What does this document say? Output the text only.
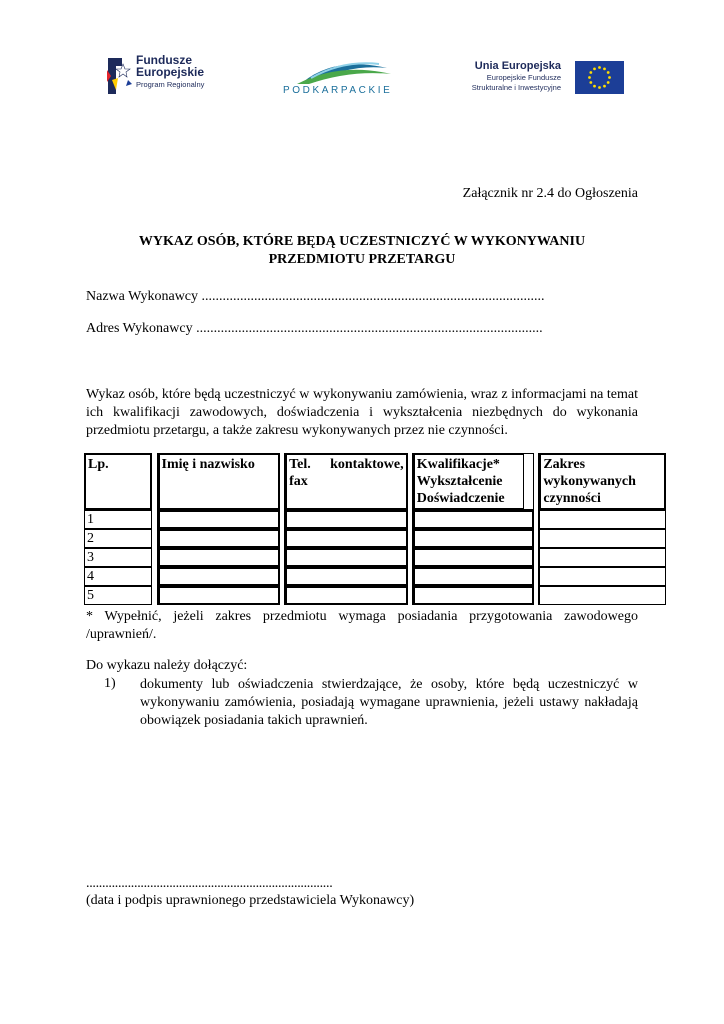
Fundusze
Europejskie
Program Regionalny
PODKARPACKIE
Unia Europejska
Europejskie Fundusze
Strukturalne i Inwestycyjne
Załącznik nr 2.4 do Ogłoszenia
WYKAZ OSÓB, KTÓRE BĘDĄ UCZESTNICZYĆ W WYKONYWANIU
PRZEDMIOTU PRZETARGU
Nazwa Wykonawcy ..................................................................................................
Adres Wykonawcy ...................................................................................................
Wykaz osób, które będą uczestniczyć w wykonywaniu zamówienia, wraz z informacjami na temat ich kwalifikacji zawodowych, doświadczenia i wykształcenia niezbędnych do wykonania przedmiotu przetargu, a także zakresu wykonywanych przez nie czynności.
Lp.		Imię i nazwisko		Tel. kontaktowe, fax		Kwalifikacje* Wykształcenie Doświadczenie		Zakres wykonywanych czynności

1		

2		

3		

4		

5		

* Wypełnić, jeżeli zakres przedmiotu wymaga posiadania przygotowania zawodowego /uprawnień/.
Do wykazu należy dołączyć:
1) dokumenty lub oświadczenia stwierdzające, że osoby, które będą uczestniczyć w wykonywaniu zamówienia, posiadają wymagane uprawnienia, jeżeli ustawy nakładają obowiązek posiadania takich uprawnień.
.............................................................................
(data i podpis uprawnionego przedstawiciela Wykonawcy)
